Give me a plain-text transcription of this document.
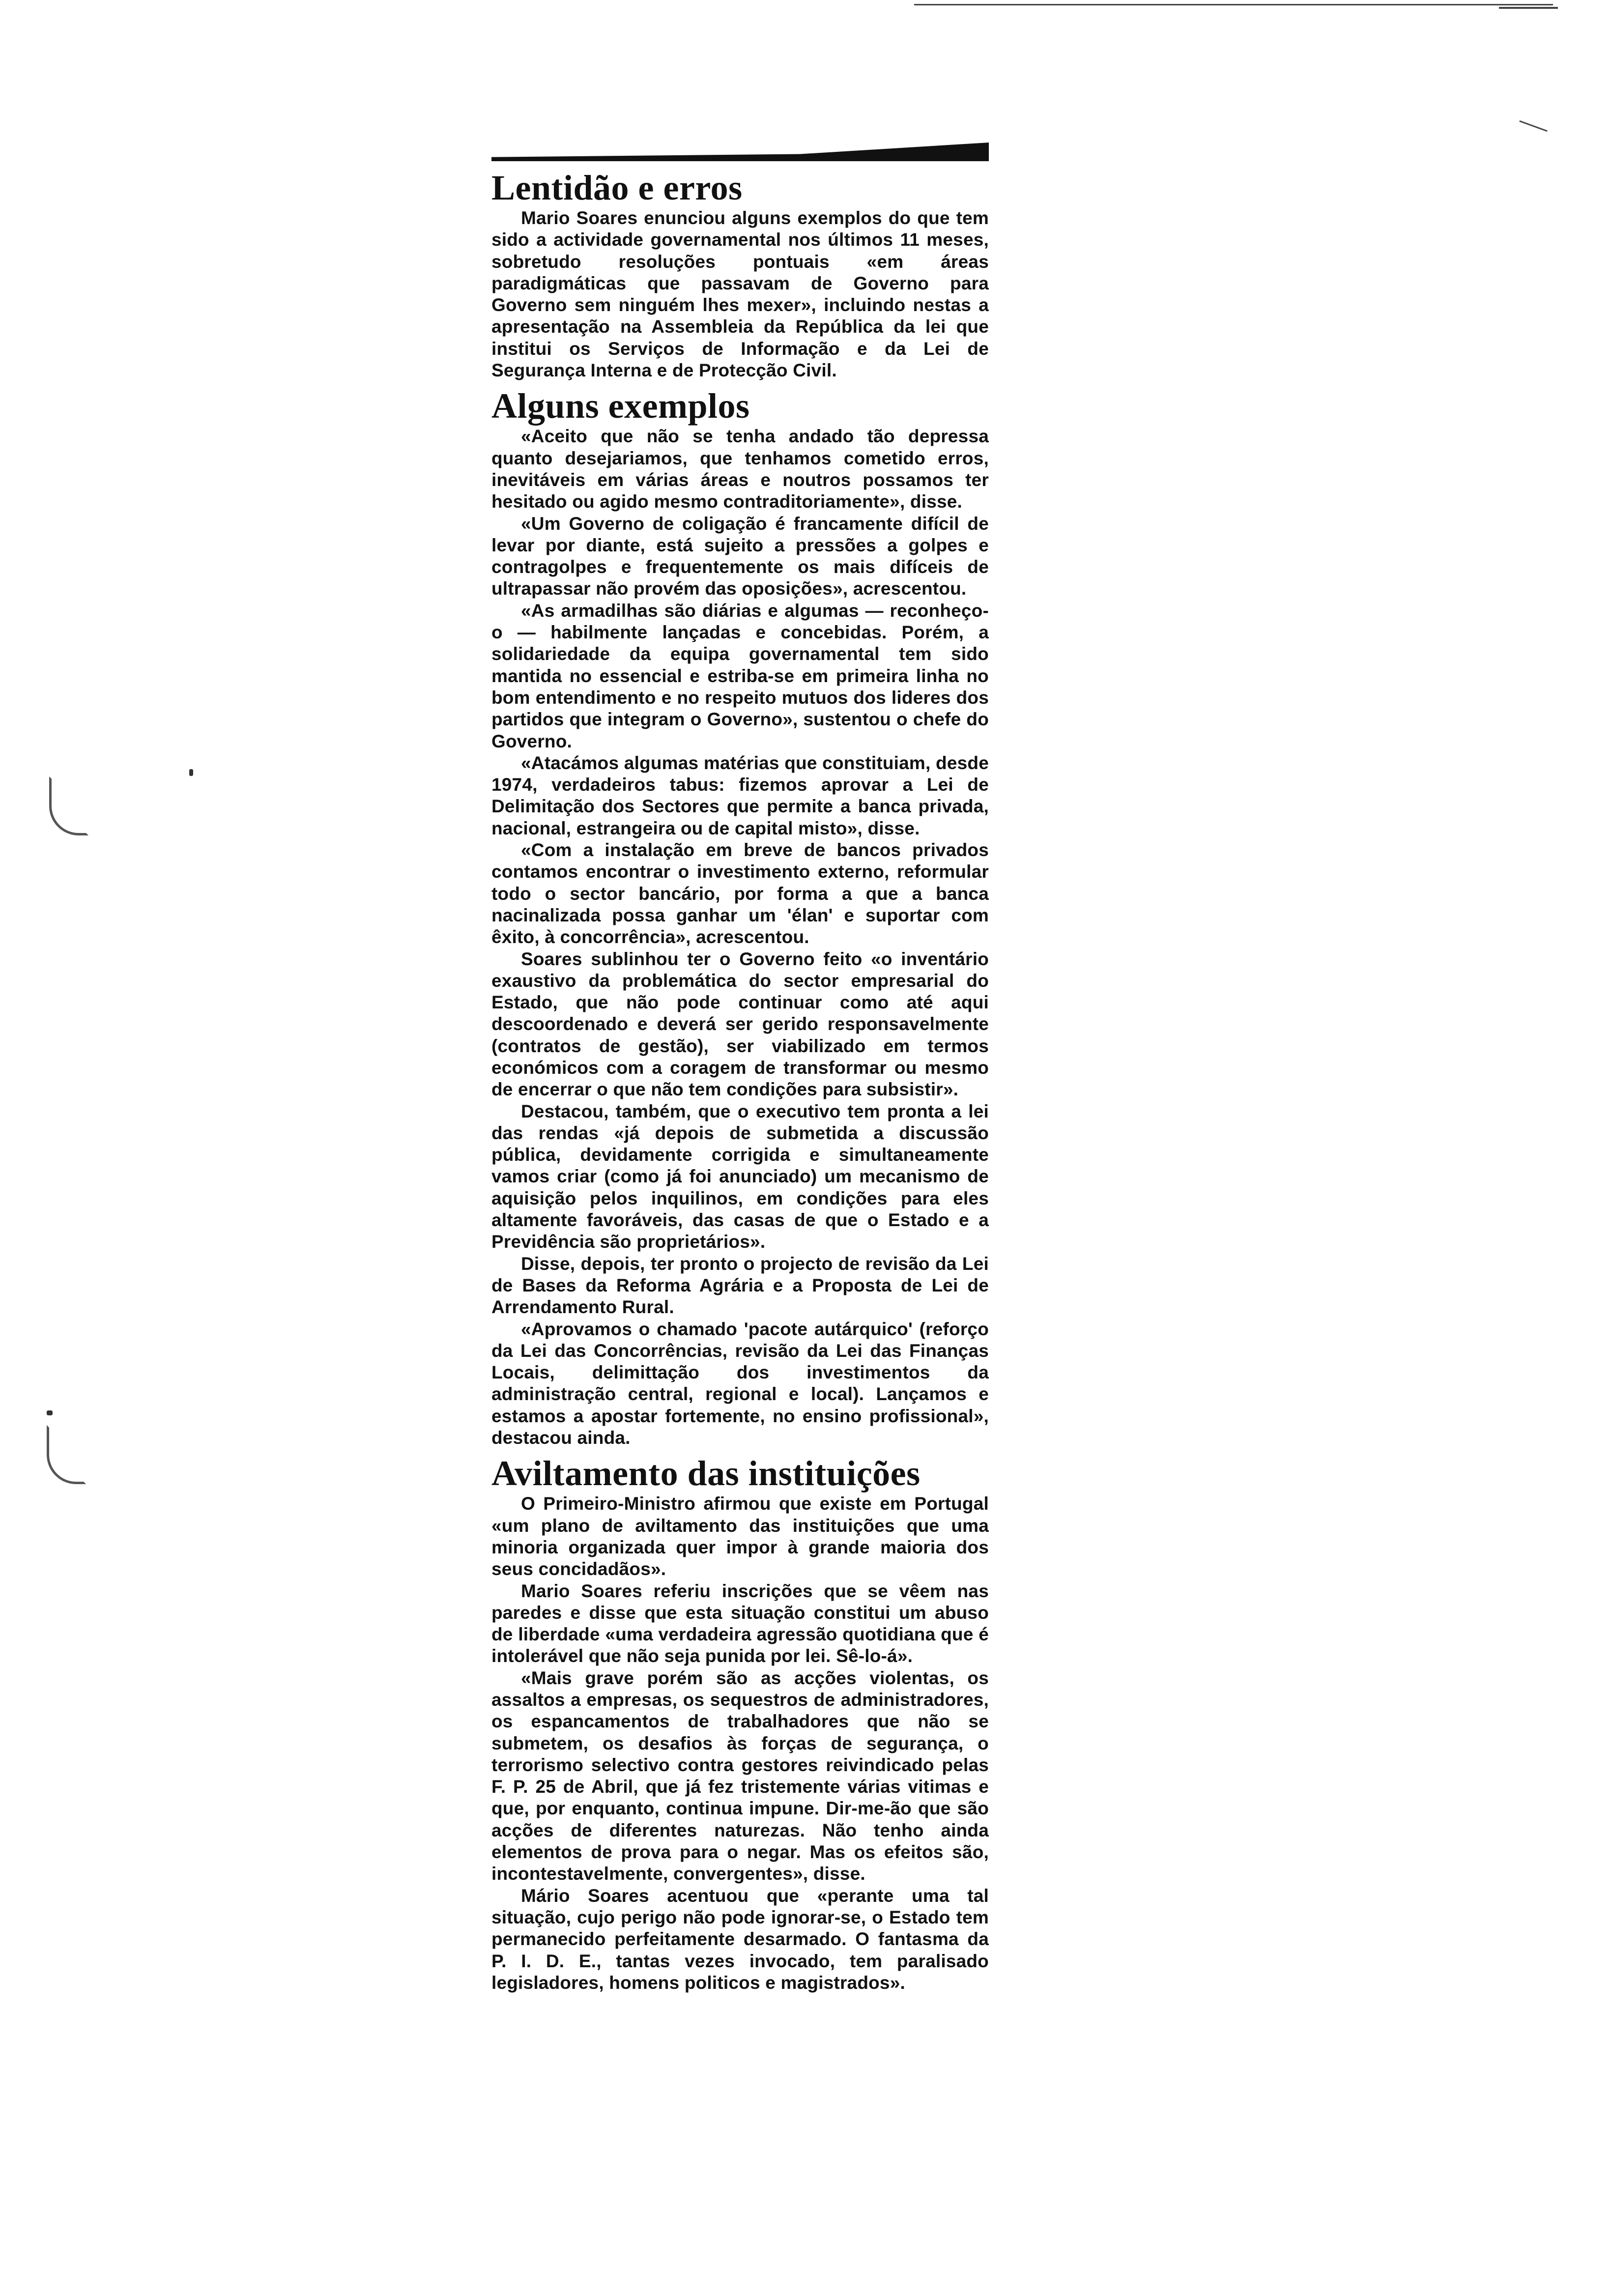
Lentidão e erros

Mario Soares enunciou alguns exemplos do que tem sido a actividade governamental nos últimos 11 meses, sobretudo resoluções pontuais «em áreas paradigmáticas que passavam de Governo para Governo sem ninguém lhes mexer», incluindo nestas a apresentação na Assembleia da República da lei que institui os Serviços de Informação e da Lei de Segurança Interna e de Protecção Civil.

Alguns exemplos

«Aceito que não se tenha andado tão depressa quanto desejariamos, que tenhamos cometido erros, inevitáveis em várias áreas e noutros possamos ter hesitado ou agido mesmo contraditoriamente», disse.

«Um Governo de coligação é francamente difícil de levar por diante, está sujeito a pressões a golpes e contragolpes e frequentemente os mais difíceis de ultrapassar não provém das oposições», acrescentou.

«As armadilhas são diárias e algumas — reconheço-o — habilmente lançadas e concebidas. Porém, a solidariedade da equipa governamental tem sido mantida no essencial e estriba-se em primeira linha no bom entendimento e no respeito mutuos dos lideres dos partidos que integram o Governo», sustentou o chefe do Governo.

«Atacámos algumas matérias que constituiam, desde 1974, verdadeiros tabus: fizemos aprovar a Lei de Delimitação dos Sectores que permite a banca privada, nacional, estrangeira ou de capital misto», disse.

«Com a instalação em breve de bancos privados contamos encontrar o investimento externo, reformular todo o sector bancário, por forma a que a banca nacinalizada possa ganhar um 'élan' e suportar com êxito, à concorrência», acrescentou.

Soares sublinhou ter o Governo feito «o inventário exaustivo da problemática do sector empresarial do Estado, que não pode continuar como até aqui descoordenado e deverá ser gerido responsavelmente (contratos de gestão), ser viabilizado em termos económicos com a coragem de transformar ou mesmo de encerrar o que não tem condições para subsistir».

Destacou, também, que o executivo tem pronta a lei das rendas «já depois de submetida a discussão pública, devidamente corrigida e simultaneamente vamos criar (como já foi anunciado) um mecanismo de aquisição pelos inquilinos, em condições para eles altamente favoráveis, das casas de que o Estado e a Previdência são proprietários».

Disse, depois, ter pronto o projecto de revisão da Lei de Bases da Reforma Agrária e a Proposta de Lei de Arrendamento Rural.

«Aprovamos o chamado 'pacote autárquico' (reforço da Lei das Concorrências, revisão da Lei das Finanças Locais, delimittação dos investimentos da administração central, regional e local). Lançamos e estamos a apostar fortemente, no ensino profissional», destacou ainda.

Aviltamento das instituições

O Primeiro-Ministro afirmou que existe em Portugal «um plano de aviltamento das instituições que uma minoria organizada quer impor à grande maioria dos seus concidadãos».

Mario Soares referiu inscrições que se vêem nas paredes e disse que esta situação constitui um abuso de liberdade «uma verdadeira agressão quotidiana que é intolerável que não seja punida por lei. Sê-lo-á».

«Mais grave porém são as acções violentas, os assaltos a empresas, os sequestros de administradores, os espancamentos de trabalhadores que não se submetem, os desafios às forças de segurança, o terrorismo selectivo contra gestores reivindicado pelas F. P. 25 de Abril, que já fez tristemente várias vitimas e que, por enquanto, continua impune. Dir-me-ão que são acções de diferentes naturezas. Não tenho ainda elementos de prova para o negar. Mas os efeitos são, incontestavelmente, convergentes», disse.

Mário Soares acentuou que «perante uma tal situação, cujo perigo não pode ignorar-se, o Estado tem permanecido perfeitamente desarmado. O fantasma da P. I. D. E., tantas vezes invocado, tem paralisado legisladores, homens politicos e magistrados».
